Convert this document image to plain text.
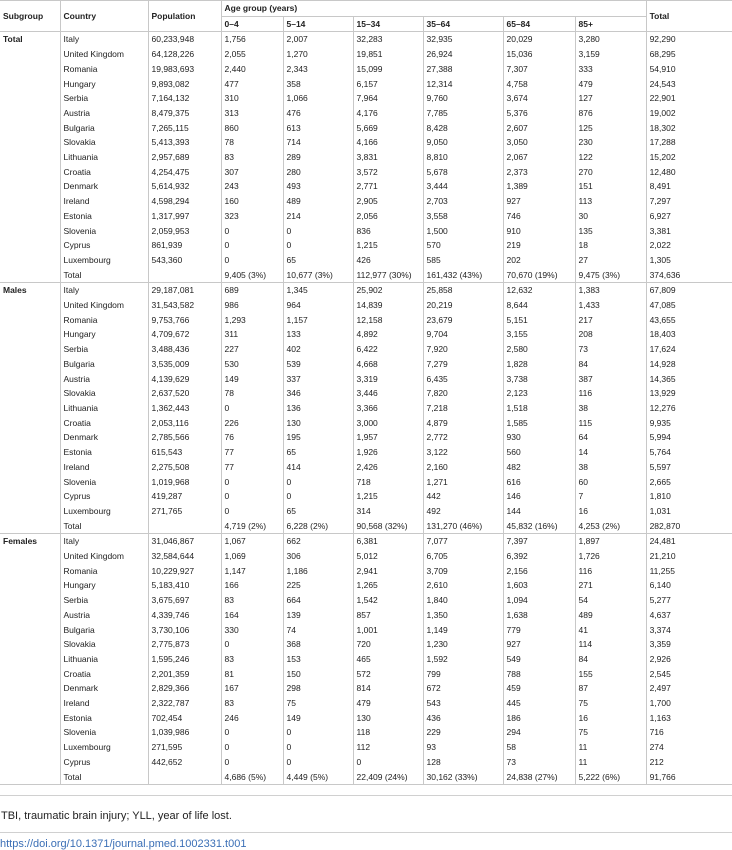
Subgroup	Country	Population	Age group (years)						Total
			0–4	5–14	15–34	35–64	65–84	85+	
Total	Italy	60,233,948	1,756	2,007	32,283	32,935	20,029	3,280	92,290
	United Kingdom	64,128,226	2,055	1,270	19,851	26,924	15,036	3,159	68,295
	Romania	19,983,693	2,440	2,343	15,099	27,388	7,307	333	54,910
	Hungary	9,893,082	477	358	6,157	12,314	4,758	479	24,543
	Serbia	7,164,132	310	1,066	7,964	9,760	3,674	127	22,901
	Austria	8,479,375	313	476	4,176	7,785	5,376	876	19,002
	Bulgaria	7,265,115	860	613	5,669	8,428	2,607	125	18,302
	Slovakia	5,413,393	78	714	4,166	9,050	3,050	230	17,288
	Lithuania	2,957,689	83	289	3,831	8,810	2,067	122	15,202
	Croatia	4,254,475	307	280	3,572	5,678	2,373	270	12,480
	Denmark	5,614,932	243	493	2,771	3,444	1,389	151	8,491
	Ireland	4,598,294	160	489	2,905	2,703	927	113	7,297
	Estonia	1,317,997	323	214	2,056	3,558	746	30	6,927
	Slovenia	2,059,953	0	0	836	1,500	910	135	3,381
	Cyprus	861,939	0	0	1,215	570	219	18	2,022
	Luxembourg	543,360	0	65	426	585	202	27	1,305
	Total		9,405 (3%)	10,677 (3%)	112,977 (30%)	161,432 (43%)	70,670 (19%)	9,475 (3%)	374,636
Males	Italy	29,187,081	689	1,345	25,902	25,858	12,632	1,383	67,809
	United Kingdom	31,543,582	986	964	14,839	20,219	8,644	1,433	47,085
	Romania	9,753,766	1,293	1,157	12,158	23,679	5,151	217	43,655
	Hungary	4,709,672	311	133	4,892	9,704	3,155	208	18,403
	Serbia	3,488,436	227	402	6,422	7,920	2,580	73	17,624
	Bulgaria	3,535,009	530	539	4,668	7,279	1,828	84	14,928
	Austria	4,139,629	149	337	3,319	6,435	3,738	387	14,365
	Slovakia	2,637,520	78	346	3,446	7,820	2,123	116	13,929
	Lithuania	1,362,443	0	136	3,366	7,218	1,518	38	12,276
	Croatia	2,053,116	226	130	3,000	4,879	1,585	115	9,935
	Denmark	2,785,566	76	195	1,957	2,772	930	64	5,994
	Estonia	615,543	77	65	1,926	3,122	560	14	5,764
	Ireland	2,275,508	77	414	2,426	2,160	482	38	5,597
	Slovenia	1,019,968	0	0	718	1,271	616	60	2,665
	Cyprus	419,287	0	0	1,215	442	146	7	1,810
	Luxembourg	271,765	0	65	314	492	144	16	1,031
	Total		4,719 (2%)	6,228 (2%)	90,568 (32%)	131,270 (46%)	45,832 (16%)	4,253 (2%)	282,870
Females	Italy	31,046,867	1,067	662	6,381	7,077	7,397	1,897	24,481
	United Kingdom	32,584,644	1,069	306	5,012	6,705	6,392	1,726	21,210
	Romania	10,229,927	1,147	1,186	2,941	3,709	2,156	116	11,255
	Hungary	5,183,410	166	225	1,265	2,610	1,603	271	6,140
	Serbia	3,675,697	83	664	1,542	1,840	1,094	54	5,277
	Austria	4,339,746	164	139	857	1,350	1,638	489	4,637
	Bulgaria	3,730,106	330	74	1,001	1,149	779	41	3,374
	Slovakia	2,775,873	0	368	720	1,230	927	114	3,359
	Lithuania	1,595,246	83	153	465	1,592	549	84	2,926
	Croatia	2,201,359	81	150	572	799	788	155	2,545
	Denmark	2,829,366	167	298	814	672	459	87	2,497
	Ireland	2,322,787	83	75	479	543	445	75	1,700
	Estonia	702,454	246	149	130	436	186	16	1,163
	Slovenia	1,039,986	0	0	118	229	294	75	716
	Luxembourg	271,595	0	0	112	93	58	11	274
	Cyprus	442,652	0	0	0	128	73	11	212
	Total		4,686 (5%)	4,449 (5%)	22,409 (24%)	30,162 (33%)	24,838 (27%)	5,222 (6%)	91,766
TBI, traumatic brain injury; YLL, year of life lost.
https://doi.org/10.1371/journal.pmed.1002331.t001
